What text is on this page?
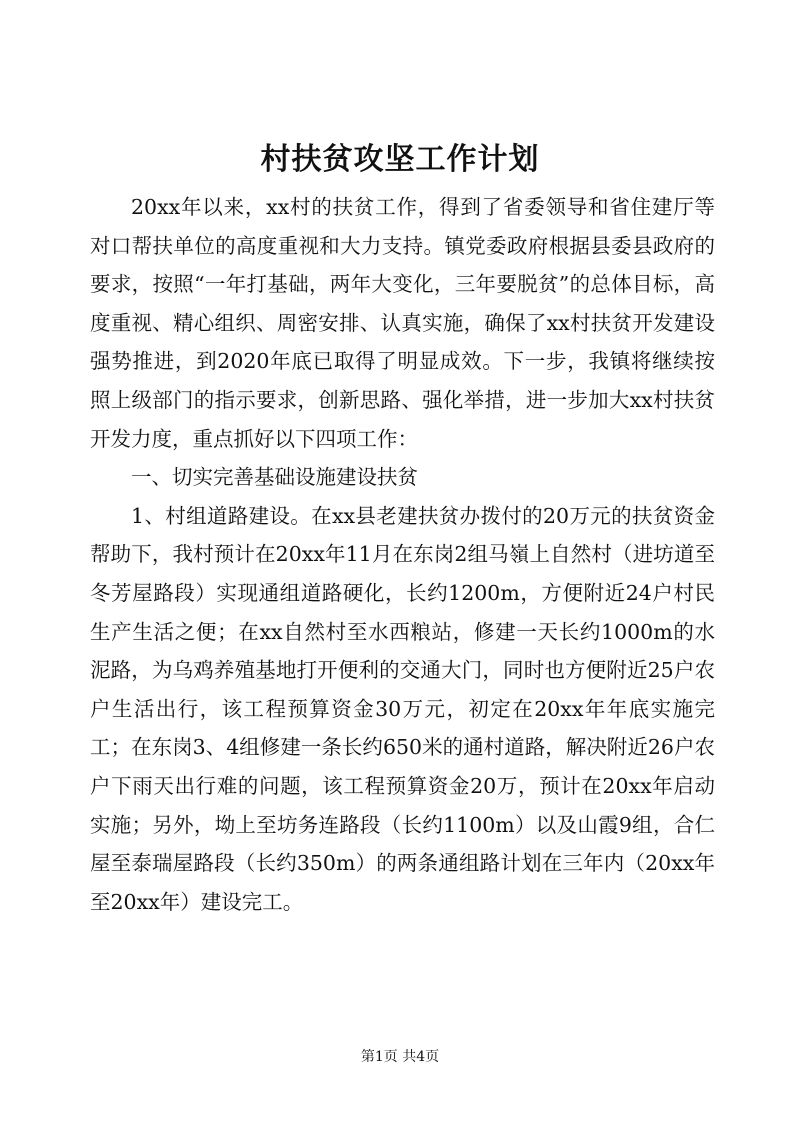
村扶贫攻坚工作计划

20xx年以来，xx村的扶贫工作，得到了省委领导和省住建厅等对口帮扶单位的高度重视和大力支持。镇党委政府根据县委县政府的要求，按照“一年打基础，两年大变化，三年要脱贫”的总体目标，高度重视、精心组织、周密安排、认真实施，确保了xx村扶贫开发建设强势推进，到2020年底已取得了明显成效。下一步，我镇将继续按照上级部门的指示要求，创新思路、强化举措，进一步加大xx村扶贫开发力度，重点抓好以下四项工作：

一、切实完善基础设施建设扶贫

1、村组道路建设。在xx县老建扶贫办拨付的20万元的扶贫资金帮助下，我村预计在20xx年11月在东岗2组马嶺上自然村（进坊道至冬芳屋路段）实现通组道路硬化，长约1200m，方便附近24户村民生产生活之便；在xx自然村至水西粮站，修建一天长约1000m的水泥路，为乌鸡养殖基地打开便利的交通大门，同时也方便附近25户农户生活出行，该工程预算资金30万元，初定在20xx年年底实施完工；在东岗3、4组修建一条长约650米的通村道路，解决附近26户农户下雨天出行难的问题，该工程预算资金20万，预计在20xx年启动实施；另外，坳上至坊务连路段（长约1100m）以及山霞9组，合仁屋至泰瑞屋路段（长约350m）的两条通组路计划在三年内（20xx年至20xx年）建设完工。

第1页 共4页
